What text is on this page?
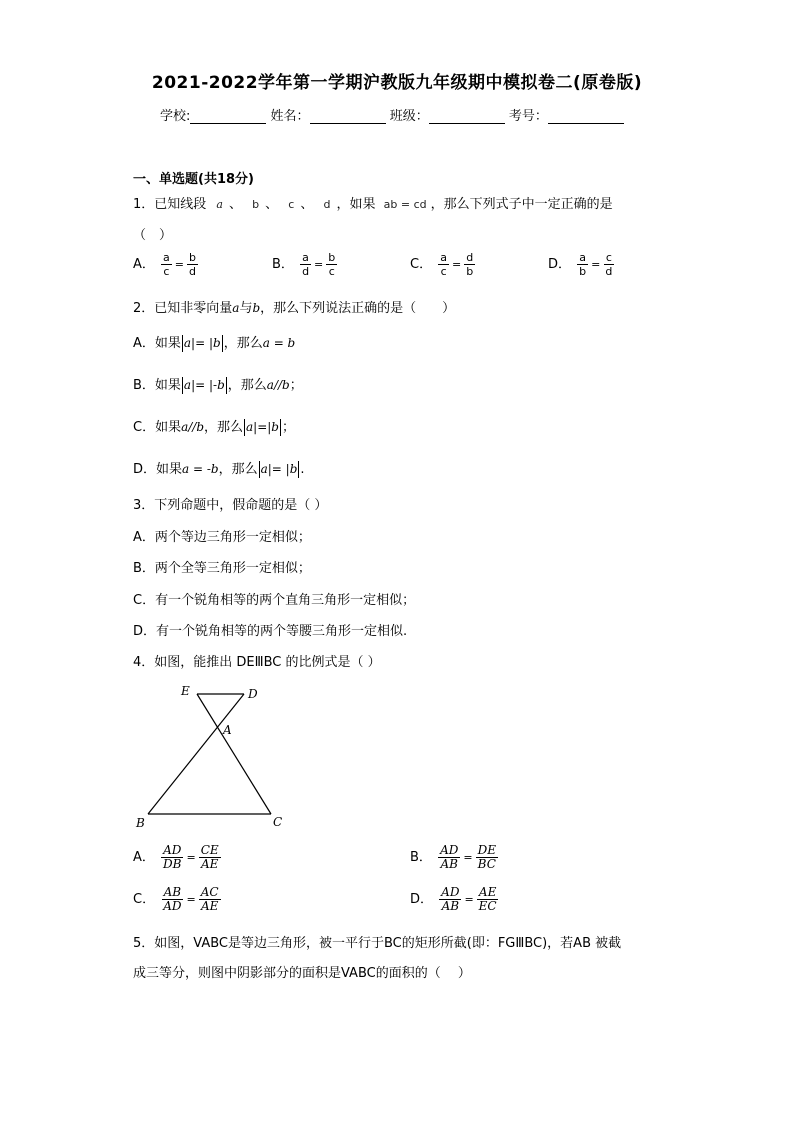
2021-2022学年第一学期沪教版九年级期中模拟卷二(原卷版)
学校:	姓名：	班级：	考号：
一、单选题(共18分)
1．已知线段 a 、 b 、 c 、 d ，如果 ab = cd ，那么下列式子中一定正确的是
（　）
A． $\frac{a}{c} = \frac{b}{d}$	B． $\frac{a}{d} = \frac{b}{c}$	C． $\frac{a}{c} = \frac{d}{b}$	D． $\frac{a}{b} = \frac{c}{d}$
2．已知非零向量a与b，那么下列说法正确的是（　　）
A．如果 a|= |b ，那么a = b
B．如果 a|= |-b ，那么a//b；
C．如果a//b，那么 a|=|b ；
D．如果a = -b，那么 a|= |b .
3．下列命题中，假命题的是（ ）
A．两个等边三角形一定相似；
B．两个全等三角形一定相似；
C．有一个锐角相等的两个直角三角形一定相似；
D．有一个锐角相等的两个等腰三角形一定相似.
4．如图，能推出 DEⅢBC 的比例式是（ ）
E	D
A
B	C
A． $\frac{AD}{DB} = \frac{CE}{AE}$	B． $\frac{AD}{AB} = \frac{DE}{BC}$
C． $\frac{AB}{AD} = \frac{AC}{AE}$	D． $\frac{AD}{AB} = \frac{AE}{EC}$
5．如图，VABC是等边三角形，被一平行于BC的矩形所截(即：FGⅢBC)，若AB 被截
成三等分，则图中阴影部分的面积是VABC的面积的（　 ）
